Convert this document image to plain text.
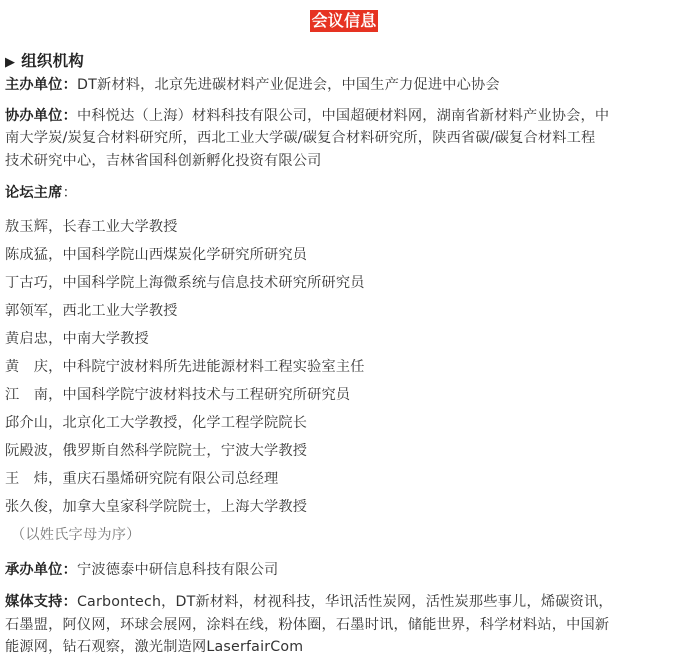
会议信息
▶ 组织机构

主办单位：DT新材料，北京先进碳材料产业促进会，中国生产力促进中心协会

协办单位：中科悦达（上海）材料科技有限公司，中国超硬材料网，湖南省新材料产业协会，中
南大学炭/炭复合材料研究所，西北工业大学碳/碳复合材料研究所，陕西省碳/碳复合材料工程
技术研究中心，吉林省国科创新孵化投资有限公司

论坛主席：

敖玉辉，长春工业大学教授
陈成猛，中国科学院山西煤炭化学研究所研究员
丁古巧，中国科学院上海微系统与信息技术研究所研究员
郭领军，西北工业大学教授
黄启忠，中南大学教授
黄　庆，中科院宁波材料所先进能源材料工程实验室主任
江　南，中国科学院宁波材料技术与工程研究所研究员
邱介山，北京化工大学教授，化学工程学院院长
阮殿波，俄罗斯自然科学院院士，宁波大学教授
王　炜，重庆石墨烯研究院有限公司总经理
张久俊，加拿大皇家科学院院士，上海大学教授
（以姓氏字母为序）

承办单位：宁波德泰中研信息科技有限公司

媒体支持：Carbontech，DT新材料，材视科技，华讯活性炭网，活性炭那些事儿，烯碳资讯，
石墨盟，阿仪网，环球会展网，涂料在线，粉体圈，石墨时讯，储能世界，科学材料站，中国新
能源网，钻石观察，激光制造网LaserfairCom
